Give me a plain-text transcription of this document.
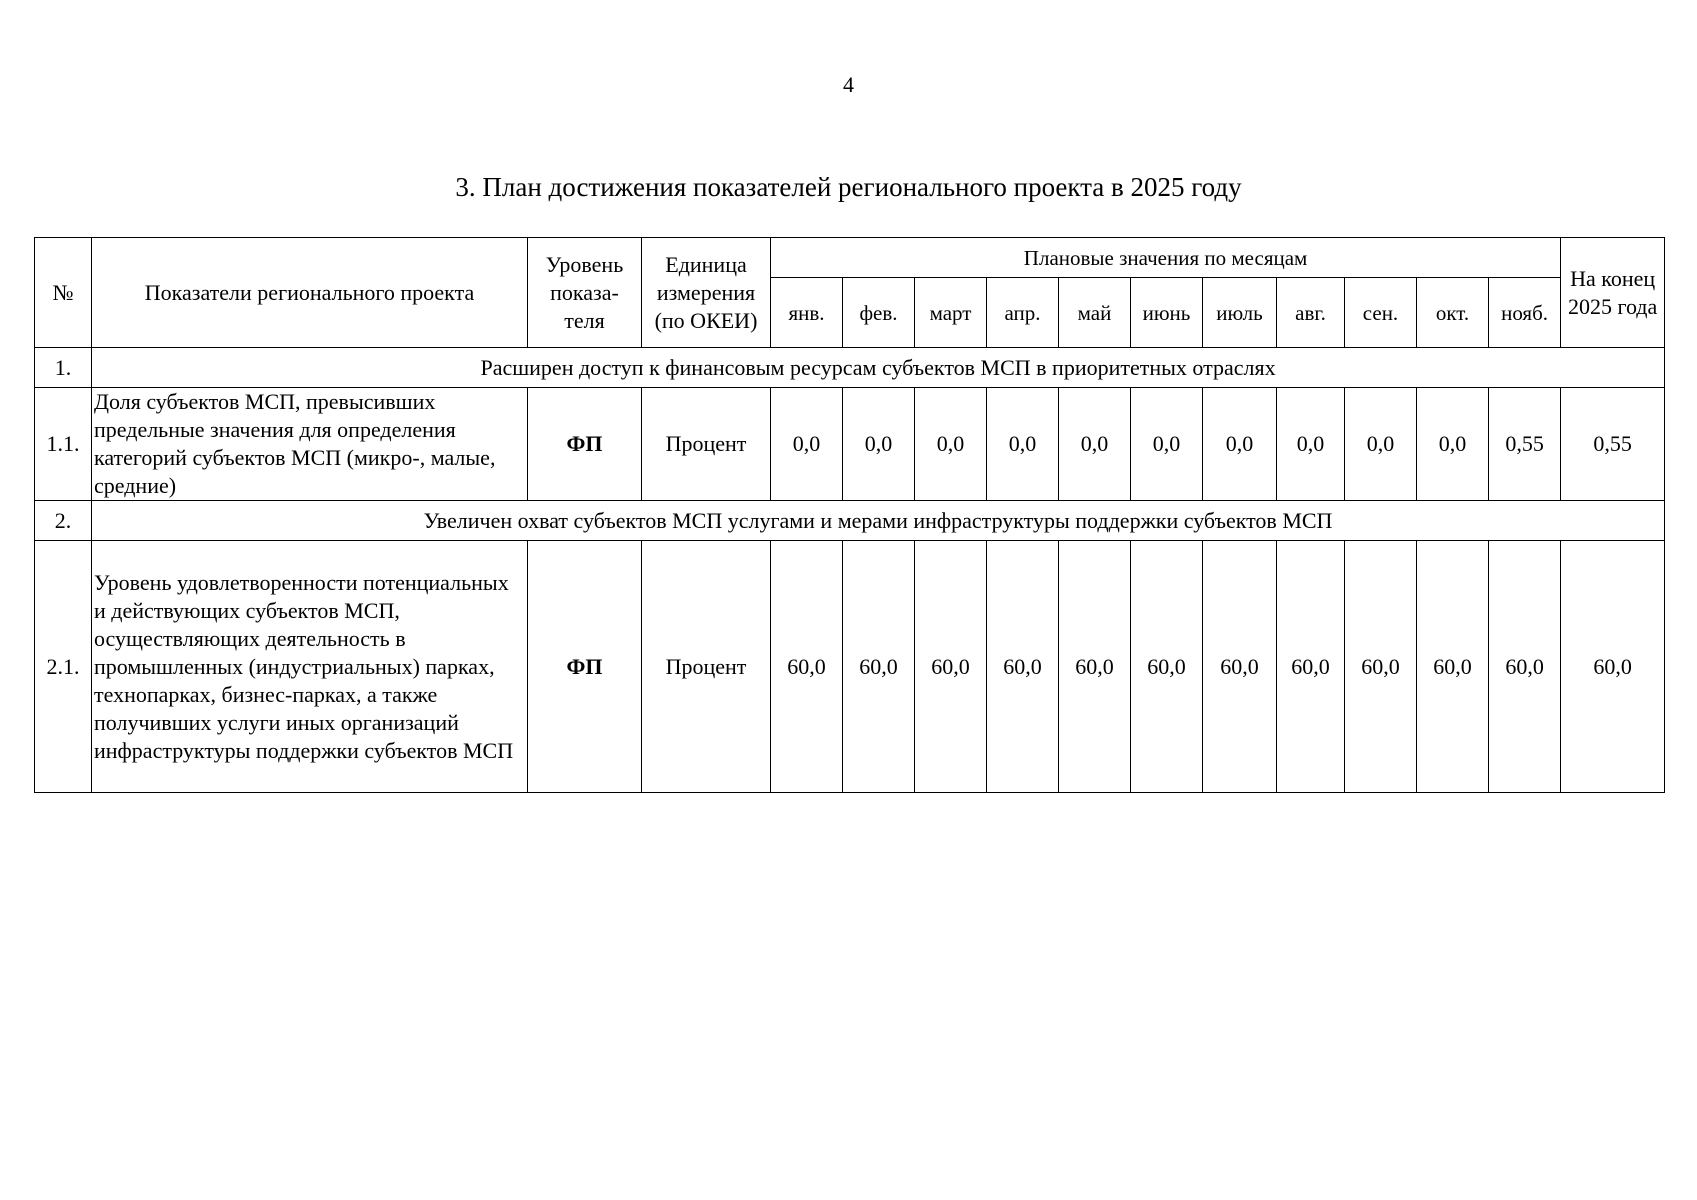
4
3. План достижения показателей регионального проекта в 2025 году
№	Показатели регионального проекта	Уровень показа-теля	Единица измерения (по ОКЕИ)	Плановые значения по месяцам											На конец 2025 года
				янв.	фев.	март	апр.	май	июнь	июль	авг.	сен.	окт.	нояб.	
1.	Расширен доступ к финансовым ресурсам субъектов МСП в приоритетных отраслях														
1.1.	Доля субъектов МСП, превысивших предельные значения для определения категорий субъектов МСП (микро-, малые, средние)	ФП	Процент	0,0	0,0	0,0	0,0	0,0	0,0	0,0	0,0	0,0	0,0	0,55	0,55
2.	Увеличен охват субъектов МСП услугами и мерами инфраструктуры поддержки субъектов МСП														
2.1.	Уровень удовлетворенности потенциальных и действующих субъектов МСП, осуществляющих деятельность в промышленных (индустриальных) парках, технопарках, бизнес-парках, а также получивших услуги иных организаций инфраструктуры поддержки субъектов МСП	ФП	Процент	60,0	60,0	60,0	60,0	60,0	60,0	60,0	60,0	60,0	60,0	60,0	60,0
